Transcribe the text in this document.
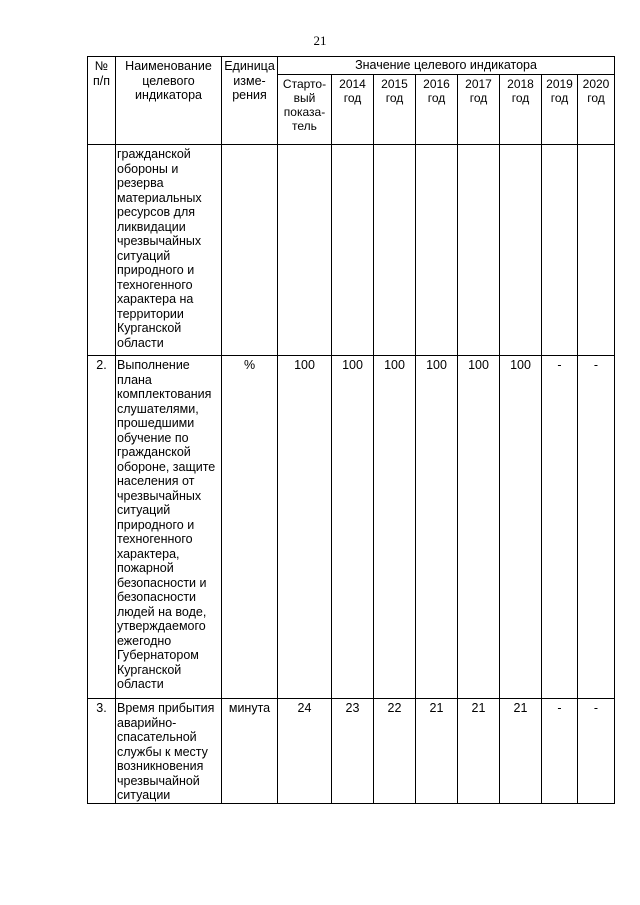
21
№ п/п	Наименование целевого индикатора	Единица изме-рения	Значение целевого индикатора							
			Старто-вый показа-тель	2014 год	2015 год	2016 год	2017 год	2018 год	2019 год	2020 год
	гражданской обороны и резерва материальных ресурсов для ликвидации чрезвычайных ситуаций природного и техногенного характера на территории Курганской области									
2.	Выполнение плана комплектования слушателями, прошедшими обучение по гражданской обороне, защите населения от чрезвычайных ситуаций природного и техногенного характера, пожарной безопасности и безопасности людей на воде, утверждаемого ежегодно Губернатором Курганской области	%	100	100	100	100	100	100	-	-
3.	Время прибытия аварийно-спасательной службы к месту возникновения чрезвычайной ситуации	минута	24	23	22	21	21	21	-	-
